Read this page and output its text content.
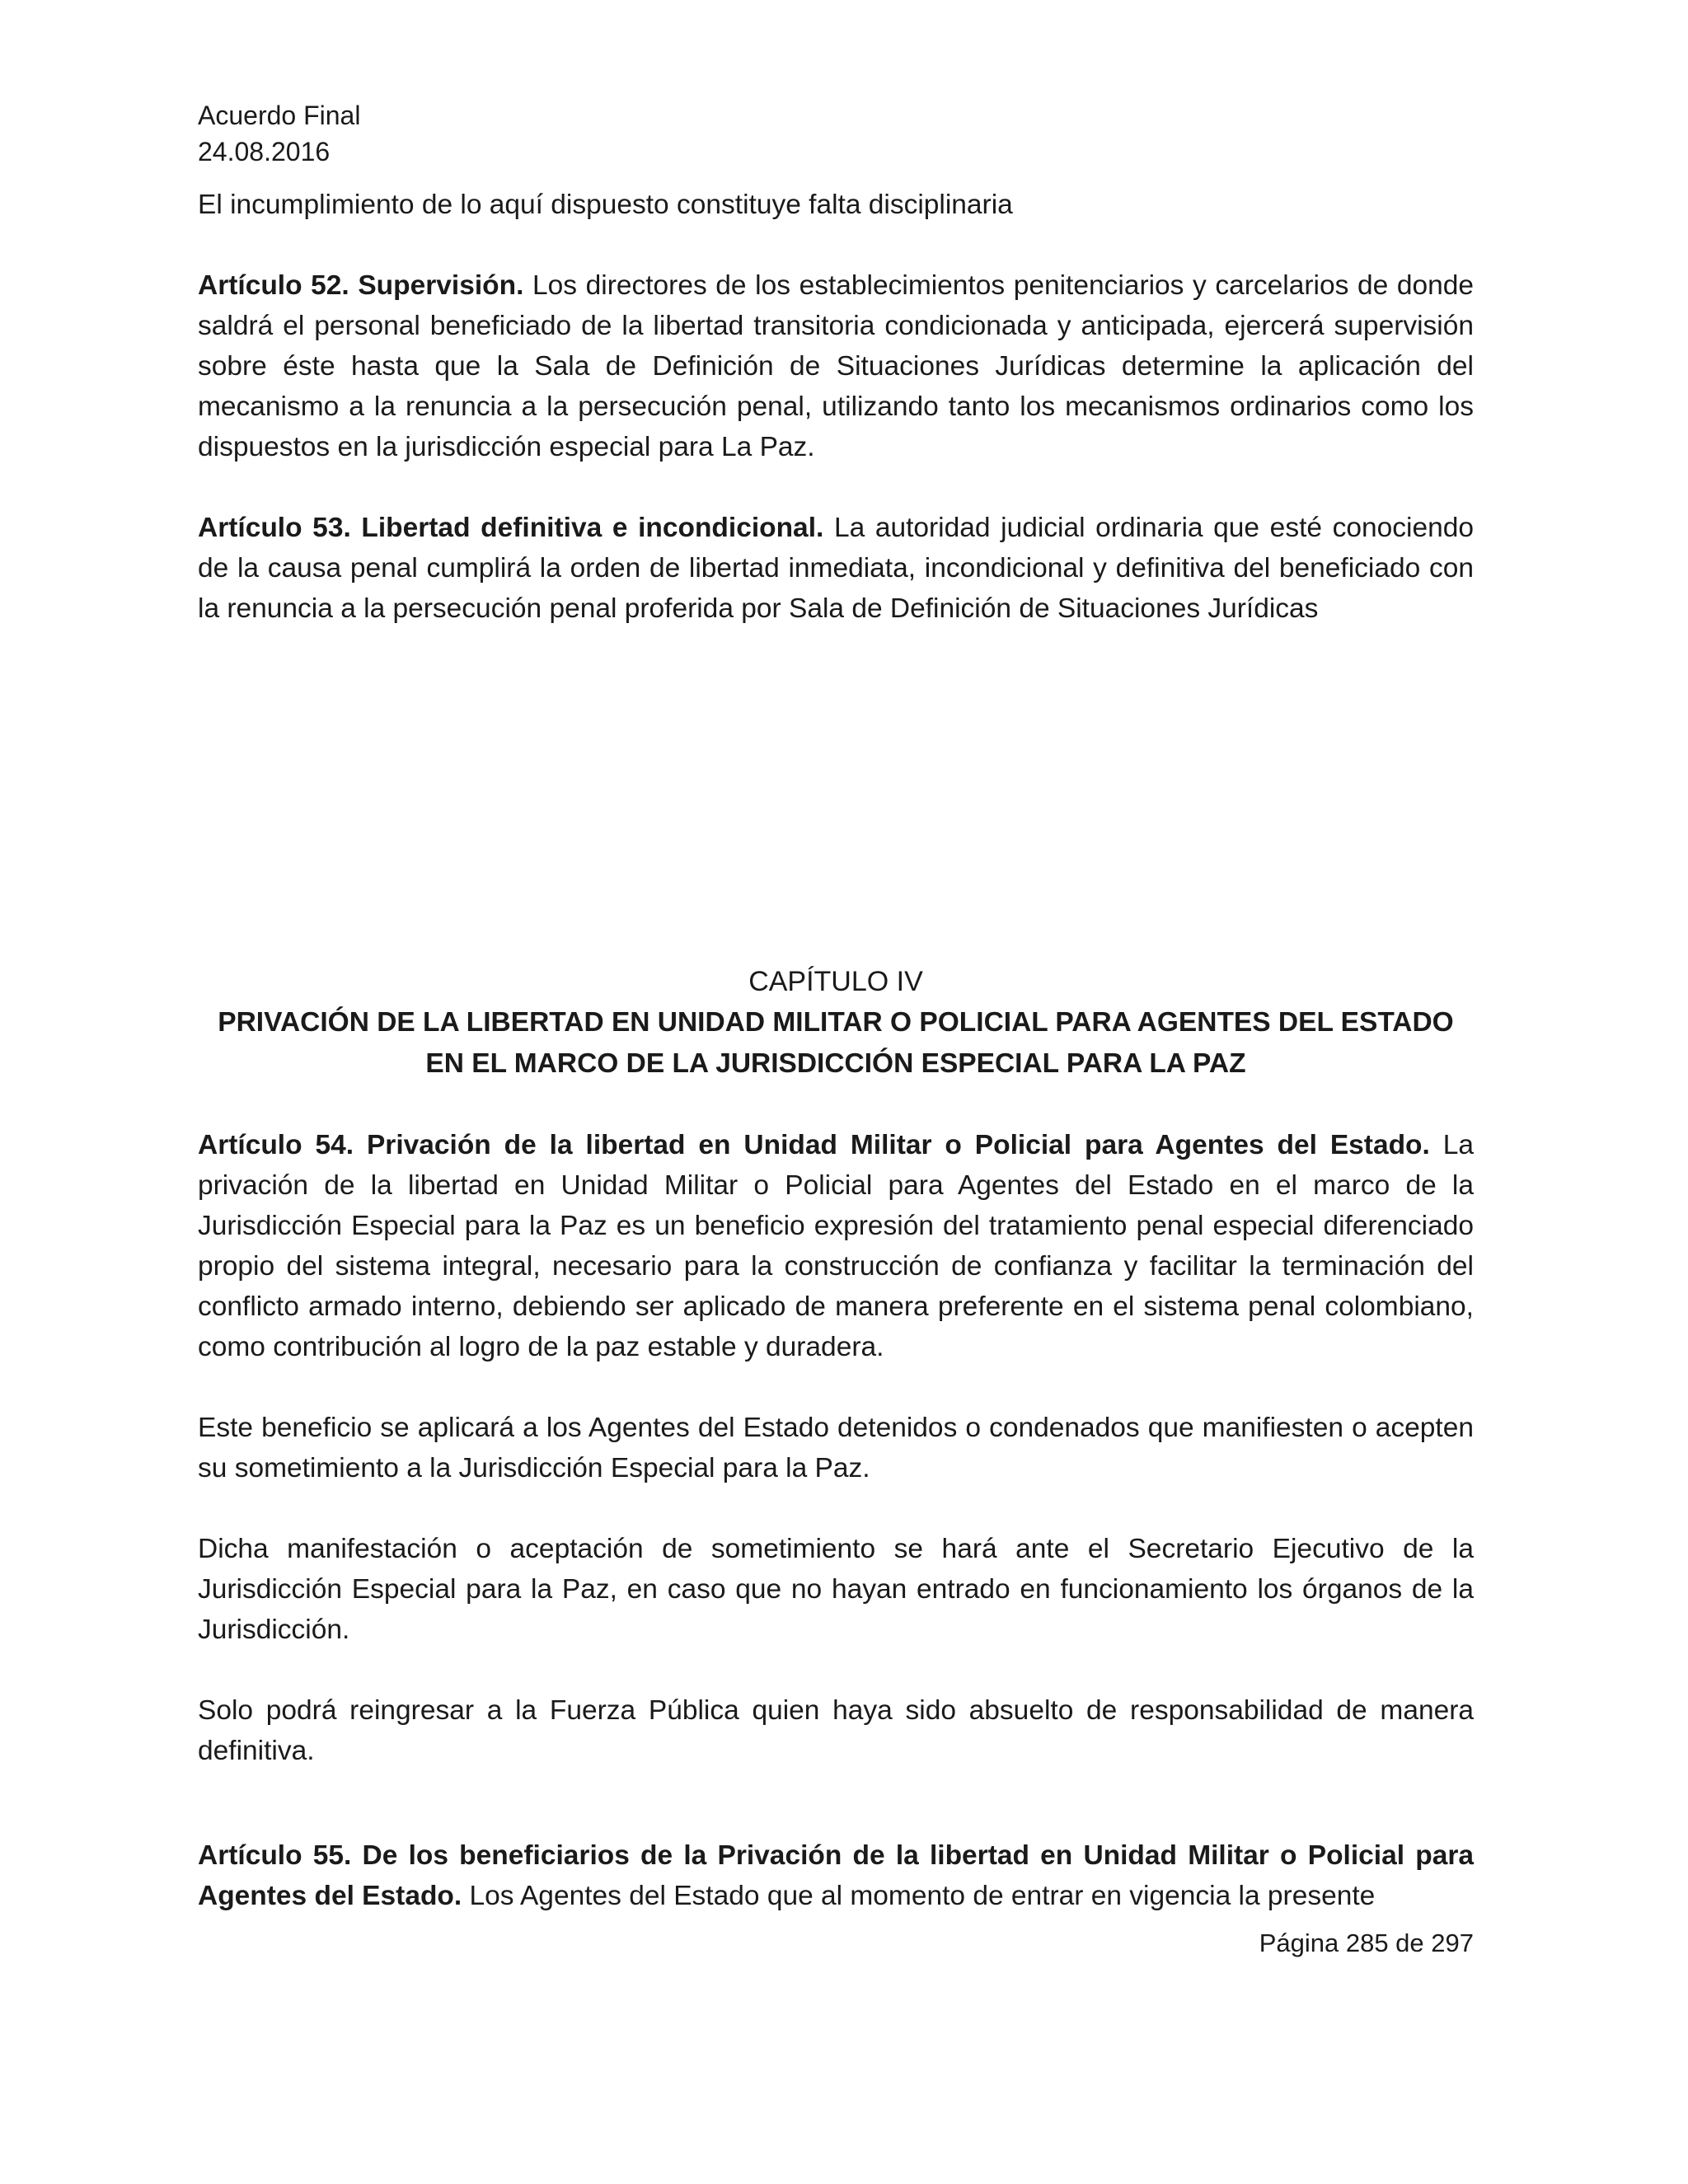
Acuerdo Final

24.08.2016

El incumplimiento de lo aquí dispuesto constituye falta disciplinaria

Artículo 52. Supervisión. Los directores de los establecimientos penitenciarios y carcelarios de donde saldrá el personal beneficiado de la libertad transitoria condicionada y anticipada, ejercerá supervisión sobre éste hasta que la Sala de Definición de Situaciones Jurídicas determine la aplicación del mecanismo a la renuncia a la persecución penal, utilizando tanto los mecanismos ordinarios como los dispuestos en la jurisdicción especial para La Paz.

Artículo 53. Libertad definitiva e incondicional. La autoridad judicial ordinaria que esté conociendo de la causa penal cumplirá la orden de libertad inmediata, incondicional y definitiva del beneficiado con la renuncia a la persecución penal proferida por Sala de Definición de Situaciones Jurídicas

CAPÍTULO IV

PRIVACIÓN DE LA LIBERTAD EN UNIDAD MILITAR O POLICIAL PARA AGENTES DEL ESTADO EN EL MARCO DE LA JURISDICCIÓN ESPECIAL PARA LA PAZ

Artículo 54. Privación de la libertad en Unidad Militar o Policial para Agentes del Estado. La privación de la libertad en Unidad Militar o Policial para Agentes del Estado en el marco de la Jurisdicción Especial para la Paz es un beneficio expresión del tratamiento penal especial diferenciado propio del sistema integral, necesario para la construcción de confianza y facilitar la terminación del conflicto armado interno, debiendo ser aplicado de manera preferente en el sistema penal colombiano, como contribución al logro de la paz estable y duradera.

Este beneficio se aplicará a los Agentes del Estado detenidos o condenados que manifiesten o acepten su sometimiento a la Jurisdicción Especial para la Paz.

Dicha manifestación o aceptación de sometimiento se hará ante el Secretario Ejecutivo de la Jurisdicción Especial para la Paz, en caso que no hayan entrado en funcionamiento los órganos de la Jurisdicción.

Solo podrá reingresar a la Fuerza Pública quien haya sido absuelto de responsabilidad de manera definitiva.

Artículo 55. De los beneficiarios de la Privación de la libertad en Unidad Militar o Policial para Agentes del Estado. Los Agentes del Estado que al momento de entrar en vigencia la presente

Página 285 de 297
